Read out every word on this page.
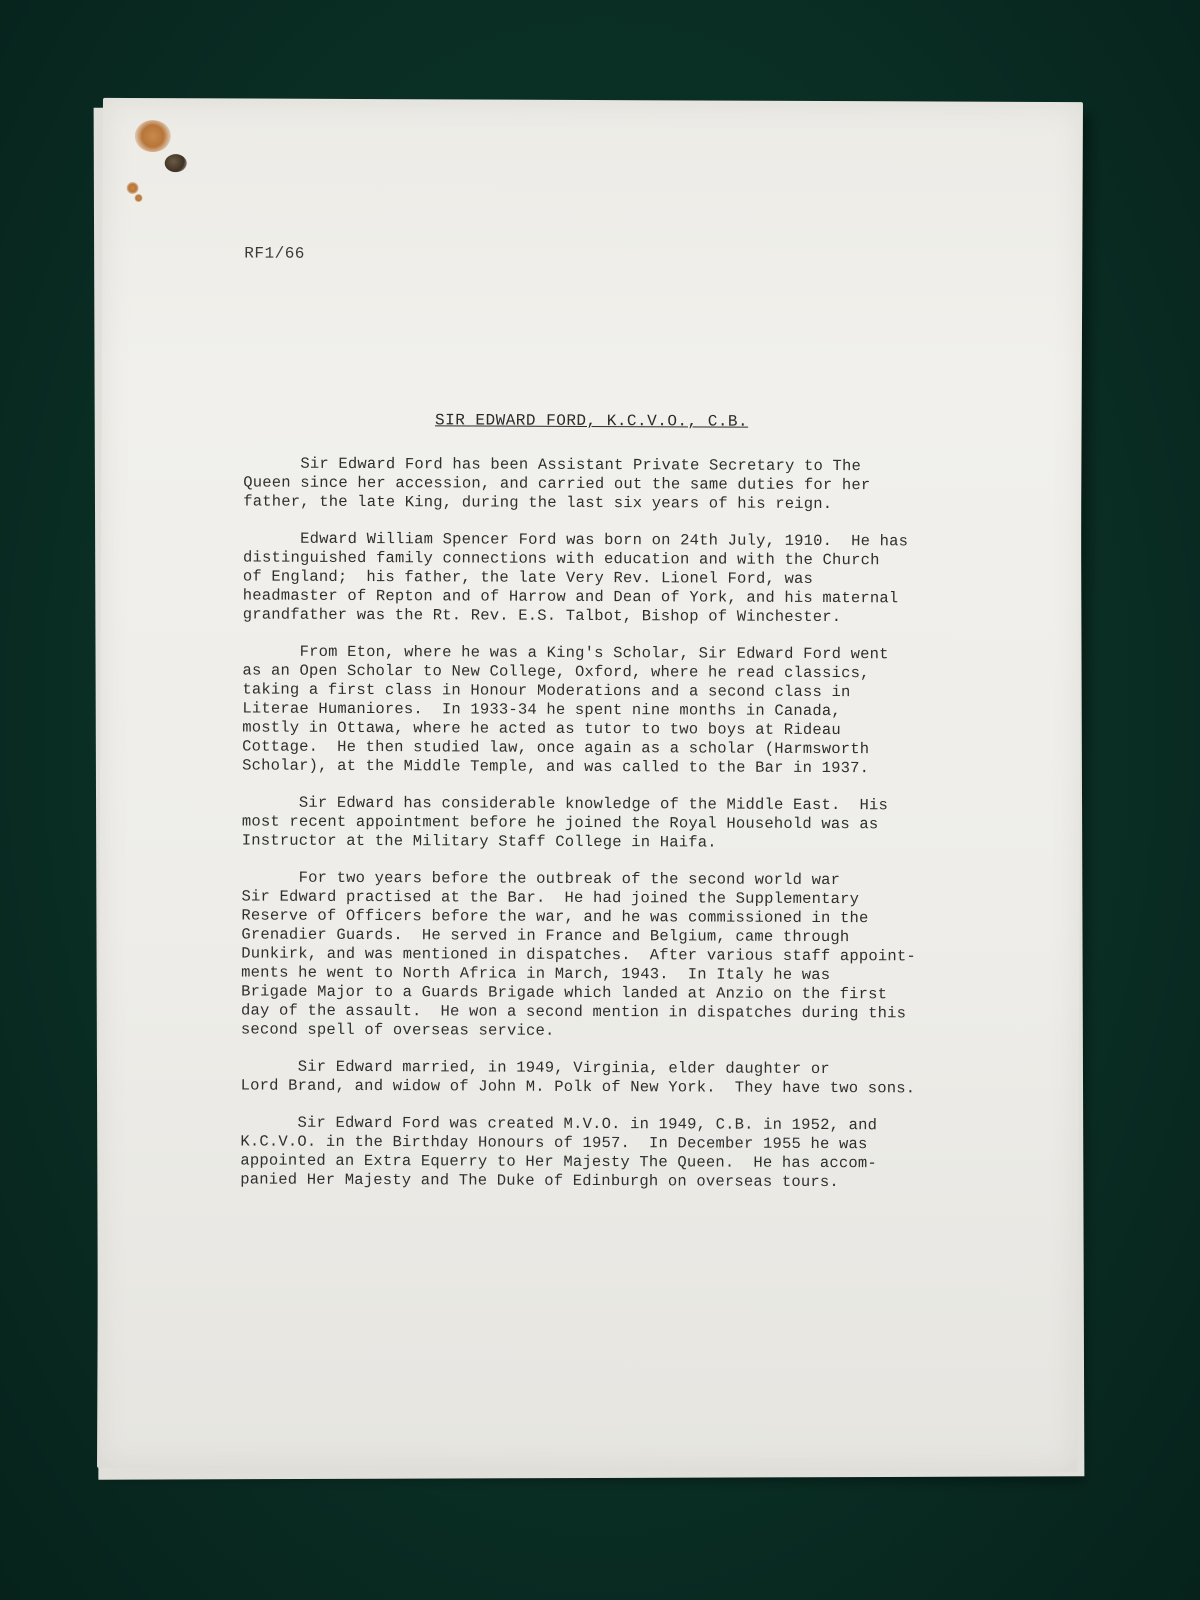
RF1/66
SIR EDWARD FORD, K.C.V.O., C.B.

Sir Edward Ford has been Assistant Private Secretary to The
Queen since her accession, and carried out the same duties for her
father, the late King, during the last six years of his reign.

Edward William Spencer Ford was born on 24th July, 1910.  He has
distinguished family connections with education and with the Church
of England;  his father, the late Very Rev. Lionel Ford, was
headmaster of Repton and of Harrow and Dean of York, and his maternal
grandfather was the Rt. Rev. E.S. Talbot, Bishop of Winchester.

From Eton, where he was a King's Scholar, Sir Edward Ford went
as an Open Scholar to New College, Oxford, where he read classics,
taking a first class in Honour Moderations and a second class in
Literae Humaniores.  In 1933-34 he spent nine months in Canada,
mostly in Ottawa, where he acted as tutor to two boys at Rideau
Cottage.  He then studied law, once again as a scholar (Harmsworth
Scholar), at the Middle Temple, and was called to the Bar in 1937.

Sir Edward has considerable knowledge of the Middle East.  His
most recent appointment before he joined the Royal Household was as
Instructor at the Military Staff College in Haifa.

For two years before the outbreak of the second world war
Sir Edward practised at the Bar.  He had joined the Supplementary
Reserve of Officers before the war, and he was commissioned in the
Grenadier Guards.  He served in France and Belgium, came through
Dunkirk, and was mentioned in dispatches.  After various staff appoint-
ments he went to North Africa in March, 1943.  In Italy he was
Brigade Major to a Guards Brigade which landed at Anzio on the first
day of the assault.  He won a second mention in dispatches during this
second spell of overseas service.

Sir Edward married, in 1949, Virginia, elder daughter or
Lord Brand, and widow of John M. Polk of New York.  They have two sons.

Sir Edward Ford was created M.V.O. in 1949, C.B. in 1952, and
K.C.V.O. in the Birthday Honours of 1957.  In December 1955 he was
appointed an Extra Equerry to Her Majesty The Queen.  He has accom-
panied Her Majesty and The Duke of Edinburgh on overseas tours.
